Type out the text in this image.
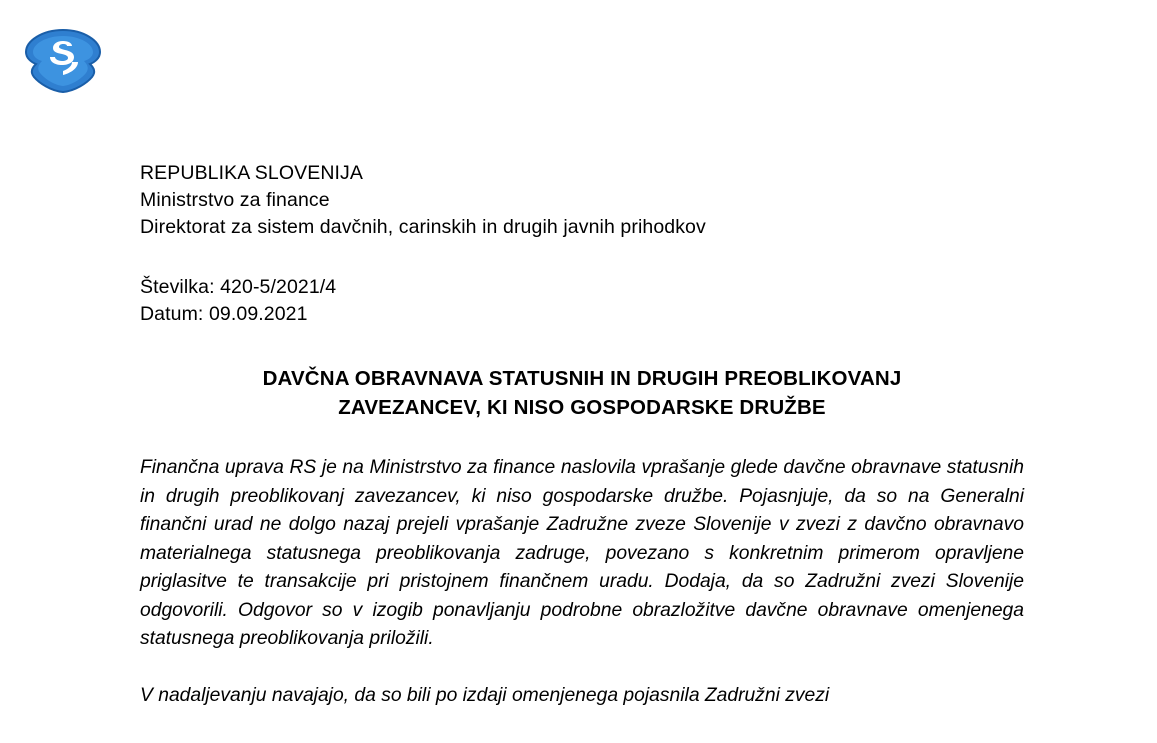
REPUBLIKA SLOVENIJA
Ministrstvo za finance
Direktorat za sistem davčnih, carinskih in drugih javnih prihodkov
Številka: 420-5/2021/4
Datum: 09.09.2021
DAVČNA OBRAVNAVA STATUSNIH IN DRUGIH PREOBLIKOVANJ
ZAVEZANCEV, KI NISO GOSPODARSKE DRUŽBE

Finančna uprava RS je na Ministrstvo za finance naslovila vprašanje glede davčne obravnave statusnih in drugih preoblikovanj zavezancev, ki niso gospodarske družbe. Pojasnjuje, da so na Generalni finančni urad ne dolgo nazaj prejeli vprašanje Zadružne zveze Slovenije v zvezi z davčno obravnavo materialnega statusnega preoblikovanja zadruge, povezano s konkretnim primerom opravljene priglasitve te transakcije pri pristojnem finančnem uradu. Dodaja, da so Zadružni zvezi Slovenije odgovorili. Odgovor so v izogib ponavljanju podrobne obrazložitve davčne obravnave omenjenega statusnega preoblikovanja priložili.

V nadaljevanju navajajo, da so bili po izdaji omenjenega pojasnila Zadružni zvezi
